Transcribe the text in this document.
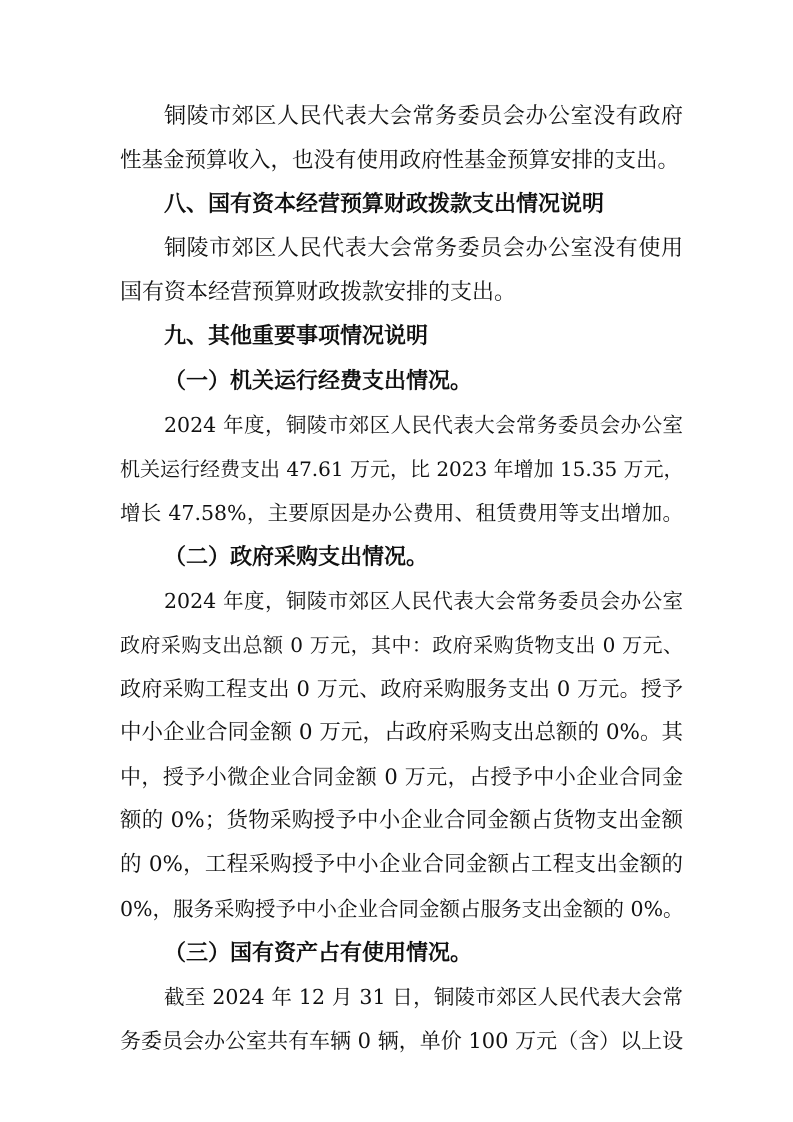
铜陵市郊区人民代表大会常务委员会办公室没有政府
性基金预算收入，也没有使用政府性基金预算安排的支出。
八、国有资本经营预算财政拨款支出情况说明
铜陵市郊区人民代表大会常务委员会办公室没有使用
国有资本经营预算财政拨款安排的支出。
九、其他重要事项情况说明
（一）机关运行经费支出情况。
2024 年度，铜陵市郊区人民代表大会常务委员会办公室
机关运行经费支出 47.61 万元，比 2023 年增加 15.35 万元，
增长 47.58%，主要原因是办公费用、租赁费用等支出增加。
（二）政府采购支出情况。
2024 年度，铜陵市郊区人民代表大会常务委员会办公室
政府采购支出总额 0 万元，其中：政府采购货物支出 0 万元、
政府采购工程支出 0 万元、政府采购服务支出 0 万元。授予
中小企业合同金额 0 万元，占政府采购支出总额的 0%。其
中，授予小微企业合同金额 0 万元，占授予中小企业合同金
额的 0%；货物采购授予中小企业合同金额占货物支出金额
的 0%，工程采购授予中小企业合同金额占工程支出金额的
0%，服务采购授予中小企业合同金额占服务支出金额的 0%。
（三）国有资产占有使用情况。
截至 2024 年 12 月 31 日，铜陵市郊区人民代表大会常
务委员会办公室共有车辆 0 辆，单价 100 万元（含）以上设
